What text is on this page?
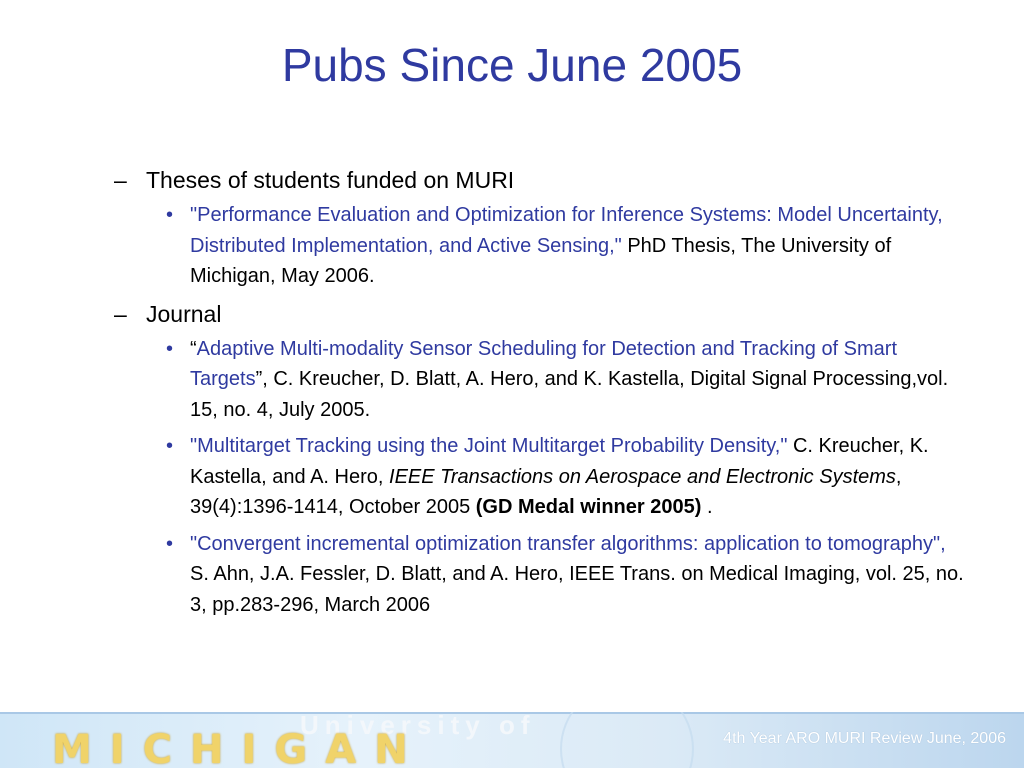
Pubs Since June 2005
– Theses of students funded on MURI
• "Performance Evaluation and Optimization for Inference Systems: Model Uncertainty, Distributed Implementation, and Active Sensing," PhD Thesis, The University of Michigan, May 2006.
– Journal
• “Adaptive Multi-modality Sensor Scheduling for Detection and Tracking of Smart Targets”, C. Kreucher, D. Blatt, A. Hero, and K. Kastella, Digital Signal Processing,vol. 15, no. 4, July 2005.
• "Multitarget Tracking using the Joint Multitarget Probability Density," C. Kreucher, K. Kastella, and A. Hero, IEEE Transactions on Aerospace and Electronic Systems, 39(4):1396-1414, October 2005 (GD Medal winner 2005) .
• "Convergent incremental optimization transfer algorithms: application to tomography", S. Ahn, J.A. Fessler, D. Blatt, and A. Hero, IEEE Trans. on Medical Imaging, vol. 25, no. 3, pp.283-296, March 2006
University of
MICHIGAN	4th Year ARO MURI Review June, 2006
